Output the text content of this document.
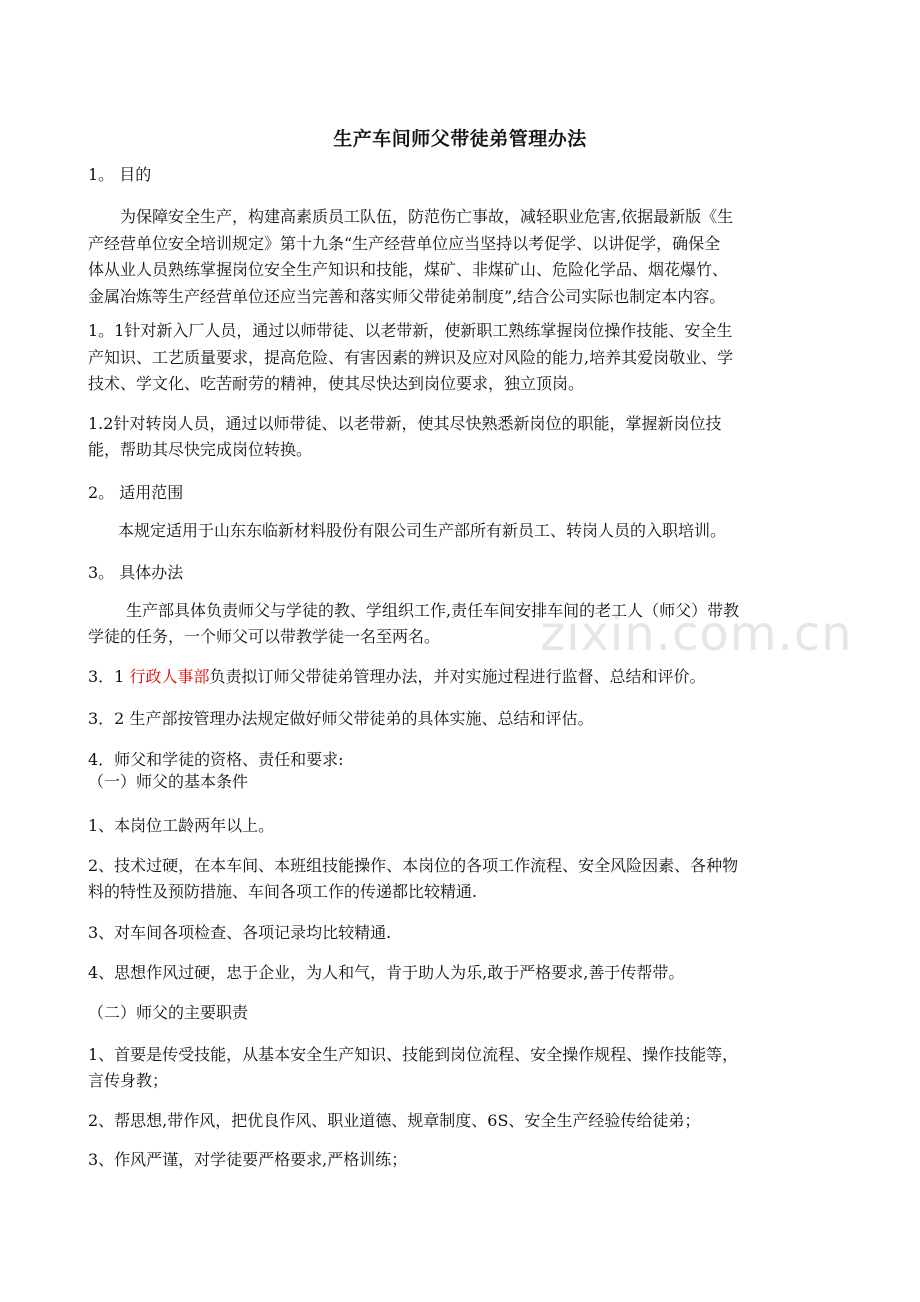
zixin.com.cn
生产车间师父带徒弟管理办法
1。 目的
为保障安全生产，构建高素质员工队伍，防范伤亡事故，减轻职业危害,依据最新版《生
产经营单位安全培训规定》第十九条“生产经营单位应当坚持以考促学、以讲促学，确保全
体从业人员熟练掌握岗位安全生产知识和技能，煤矿、非煤矿山、危险化学品、烟花爆竹、
金属冶炼等生产经营单位还应当完善和落实师父带徒弟制度”,结合公司实际也制定本内容。
1。1针对新入厂人员，通过以师带徒、以老带新，使新职工熟练掌握岗位操作技能、安全生
产知识、工艺质量要求，提高危险、有害因素的辨识及应对风险的能力,培养其爱岗敬业、学
技术、学文化、吃苦耐劳的精神，使其尽快达到岗位要求，独立顶岗。
1.2针对转岗人员，通过以师带徒、以老带新，使其尽快熟悉新岗位的职能，掌握新岗位技
能，帮助其尽快完成岗位转换。
2。 适用范围
本规定适用于山东东临新材料股份有限公司生产部所有新员工、转岗人员的入职培训。
3。 具体办法
生产部具体负责师父与学徒的教、学组织工作,责任车间安排车间的老工人（师父）带教
学徒的任务，一个师父可以带教学徒一名至两名。
3．1 行政人事部负责拟订师父带徒弟管理办法，并对实施过程进行监督、总结和评价。
3．2 生产部按管理办法规定做好师父带徒弟的具体实施、总结和评估。
4．师父和学徒的资格、责任和要求:
（一）师父的基本条件
1、本岗位工龄两年以上。
2、技术过硬，在本车间、本班组技能操作、本岗位的各项工作流程、安全风险因素、各种物
料的特性及预防措施、车间各项工作的传递都比较精通.
3、对车间各项检查、各项记录均比较精通.
4、思想作风过硬，忠于企业，为人和气，肯于助人为乐,敢于严格要求,善于传帮带。
（二）师父的主要职责
1、首要是传受技能，从基本安全生产知识、技能到岗位流程、安全操作规程、操作技能等，
言传身教；
2、帮思想,带作风，把优良作风、职业道德、规章制度、6S、安全生产经验传给徒弟；
3、作风严谨，对学徒要严格要求,严格训练；
